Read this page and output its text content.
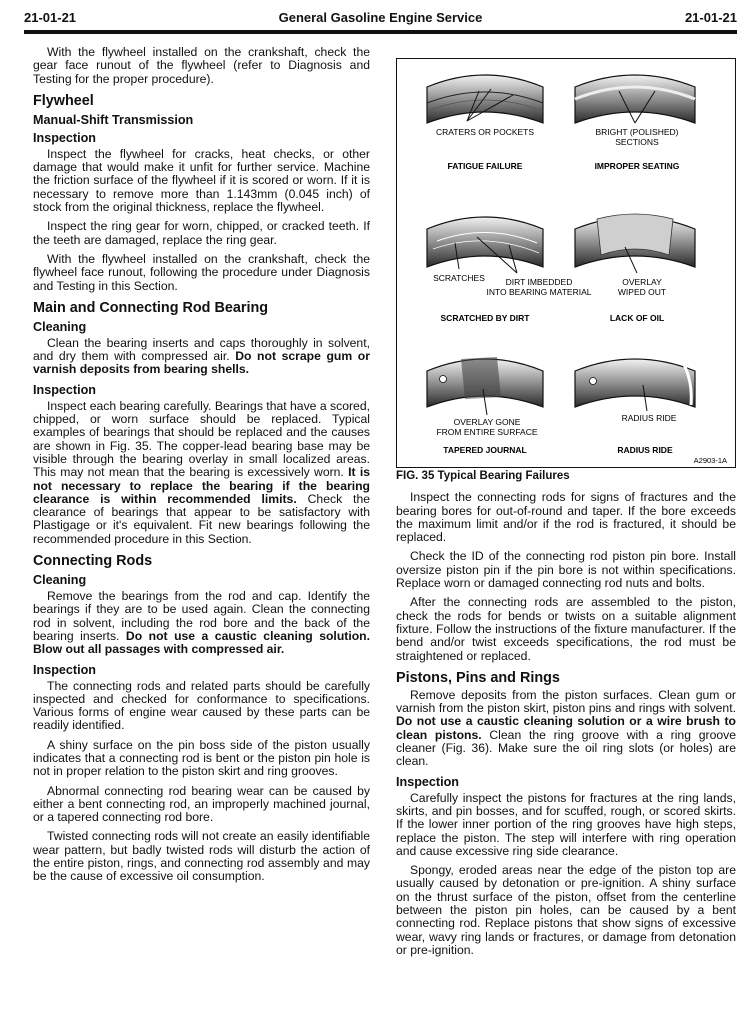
General Gasoline Engine Service
21-01-21	21-01-21

With the flywheel installed on the crankshaft, check the gear face runout of the flywheel (refer to Diagnosis and Testing for the proper procedure).

Flywheel
Manual-Shift Transmission
Inspection

Inspect the flywheel for cracks, heat checks, or other damage that would make it unfit for further service. Machine the friction surface of the flywheel if it is scored or worn. If it is necessary to remove more than 1.143mm (0.045 inch) of stock from the original thickness, replace the flywheel.

Inspect the ring gear for worn, chipped, or cracked teeth. If the teeth are damaged, replace the ring gear.

With the flywheel installed on the crankshaft, check the flywheel face runout, following the procedure under Diagnosis and Testing in this Section.

Main and Connecting Rod Bearing
Cleaning

Clean the bearing inserts and caps thoroughly in solvent, and dry them with compressed air. Do not scrape gum or varnish deposits from bearing shells.

Inspection

Inspect each bearing carefully. Bearings that have a scored, chipped, or worn surface should be replaced. Typical examples of bearings that should be replaced and the causes are shown in Fig. 35. The copper-lead bearing base may be visible through the bearing overlay in small localized areas. This may not mean that the bearing is excessively worn. It is not necessary to replace the bearing if the bearing clearance is within recommended limits. Check the clearance of bearings that appear to be satisfactory with Plastigage or it's equivalent. Fit new bearings following the recommended procedure in this Section.

Connecting Rods
Cleaning

Remove the bearings from the rod and cap. Identify the bearings if they are to be used again. Clean the connecting rod in solvent, including the rod bore and the back of the bearing inserts. Do not use a caustic cleaning solution. Blow out all passages with compressed air.

Inspection

The connecting rods and related parts should be carefully inspected and checked for conformance to specifications. Various forms of engine wear caused by these parts can be readily identified.

A shiny surface on the pin boss side of the piston usually indicates that a connecting rod is bent or the piston pin hole is not in proper relation to the piston skirt and ring grooves.

Abnormal connecting rod bearing wear can be caused by either a bent connecting rod, an improperly machined journal, or a tapered connecting rod bore.

Twisted connecting rods will not create an easily identifiable wear pattern, but badly twisted rods will disturb the action of the entire piston, rings, and connecting rod assembly and may be the cause of excessive oil consumption.

CRATERS OR POCKETS
FATIGUE FAILURE
BRIGHT (POLISHED)
SECTIONS
IMPROPER SEATING
SCRATCHES DIRT IMBEDDED
INTO BEARING MATERIAL
SCRATCHED BY DIRT
OVERLAY
WIPED OUT
LACK OF OIL
OVERLAY GONE
FROM ENTIRE SURFACE
TAPERED JOURNAL
RADIUS RIDE
RADIUS RIDE
A2903-1A

FIG. 35 Typical Bearing Failures

Inspect the connecting rods for signs of fractures and the bearing bores for out-of-round and taper. If the bore exceeds the maximum limit and/or if the rod is fractured, it should be replaced.

Check the ID of the connecting rod piston pin bore. Install oversize piston pin if the pin bore is not within specifications. Replace worn or damaged connecting rod nuts and bolts.

After the connecting rods are assembled to the piston, check the rods for bends or twists on a suitable alignment fixture. Follow the instructions of the fixture manufacturer. If the bend and/or twist exceeds specifications, the rod must be straightened or replaced.

Pistons, Pins and Rings

Remove deposits from the piston surfaces. Clean gum or varnish from the piston skirt, piston pins and rings with solvent. Do not use a caustic cleaning solution or a wire brush to clean pistons. Clean the ring groove with a ring groove cleaner (Fig. 36). Make sure the oil ring slots (or holes) are clean.

Inspection

Carefully inspect the pistons for fractures at the ring lands, skirts, and pin bosses, and for scuffed, rough, or scored skirts. If the lower inner portion of the ring grooves have high steps, replace the piston. The step will interfere with ring operation and cause excessive ring side clearance.

Spongy, eroded areas near the edge of the piston top are usually caused by detonation or pre-ignition. A shiny surface on the thrust surface of the piston, offset from the centerline between the piston pin holes, can be caused by a bent connecting rod. Replace pistons that show signs of excessive wear, wavy ring lands or fractures, or damage from detonation or pre-ignition.
